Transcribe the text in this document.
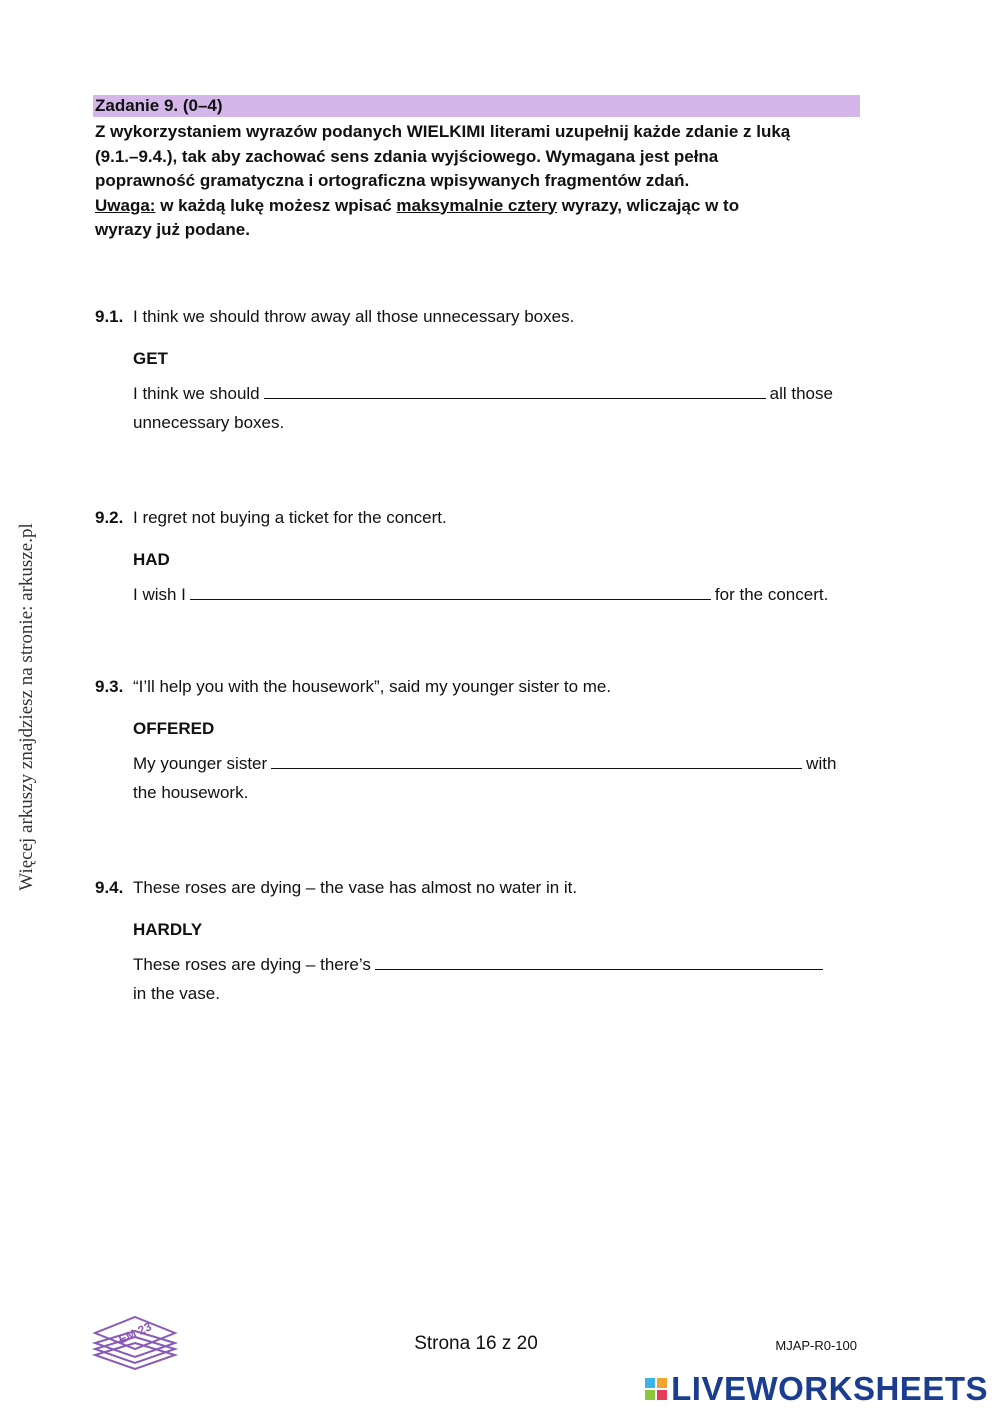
Więcej arkuszy znajdziesz na stronie: arkusze.pl
Zadanie 9. (0–4)
Z wykorzystaniem wyrazów podanych WIELKIMI literami uzupełnij każde zdanie z luką
(9.1.–9.4.), tak aby zachować sens zdania wyjściowego. Wymagana jest pełna
poprawność gramatyczna i ortograficzna wpisywanych fragmentów zdań.
Uwaga: w każdą lukę możesz wpisać maksymalnie cztery wyrazy, wliczając w to
wyrazy już podane.
9.1. I think we should throw away all those unnecessary boxes.
GET
I think we should	all those
unnecessary boxes.
9.2. I regret not buying a ticket for the concert.
HAD
I wish I	for the concert.
9.3. “I’ll help you with the housework”, said my younger sister to me.
OFFERED
My younger sister	with
the housework.
9.4. These roses are dying – the vase has almost no water in it.
HARDLY
These roses are dying – there’s
in the vase.
EM 23	Strona 16 z 20	MJAP-R0-100
LIVEWORKSHEETS
